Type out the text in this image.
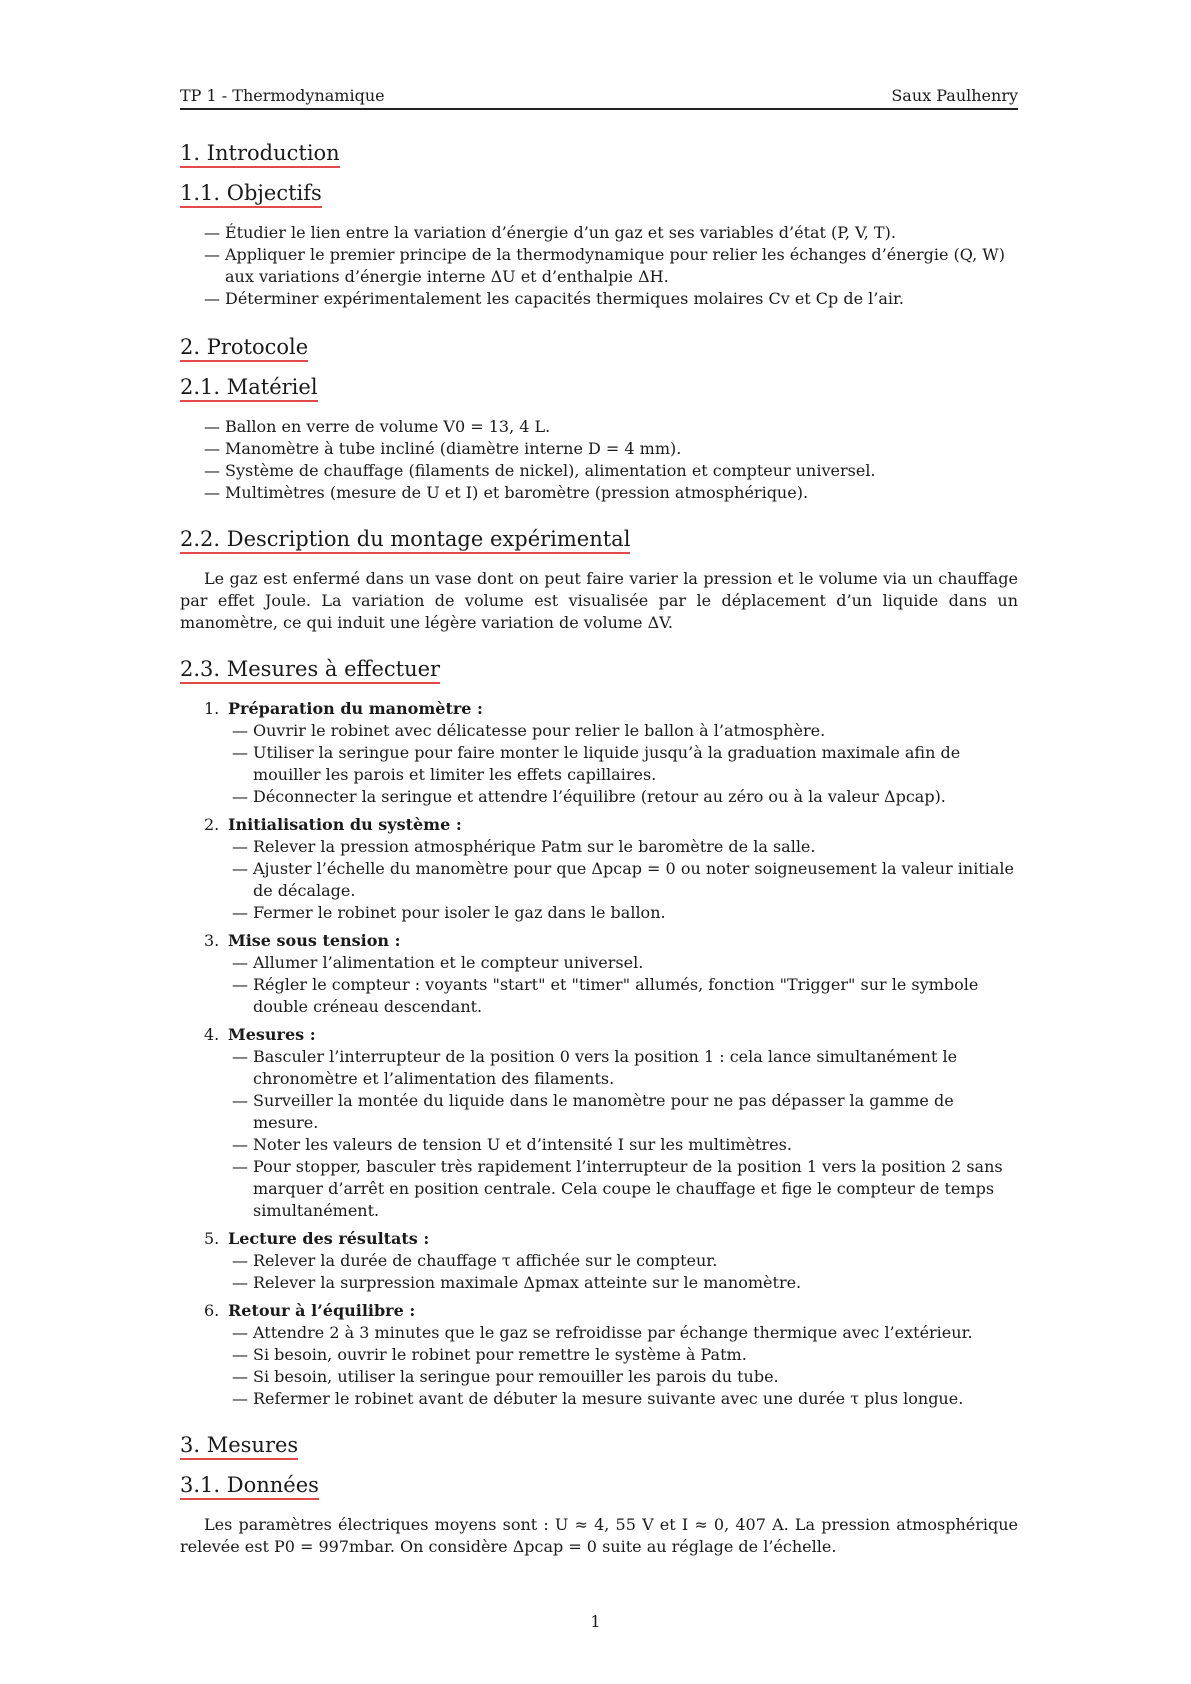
TP 1 - Thermodynamique	Saux Paulhenry
1. Introduction
1.1. Objectifs
— Étudier le lien entre la variation d’énergie d’un gaz et ses variables d’état (P, V, T).
— Appliquer le premier principe de la thermodynamique pour relier les échanges d’énergie (Q, W) aux variations d’énergie interne ΔU et d’enthalpie ΔH.
— Déterminer expérimentalement les capacités thermiques molaires Cv et Cp de l’air.
2. Protocole
2.1. Matériel
— Ballon en verre de volume V0 = 13, 4 L.
— Manomètre à tube incliné (diamètre interne D = 4 mm).
— Système de chauffage (filaments de nickel), alimentation et compteur universel.
— Multimètres (mesure de U et I) et baromètre (pression atmosphérique).
2.2. Description du montage expérimental

Le gaz est enfermé dans un vase dont on peut faire varier la pression et le volume via un chauffage par effet Joule. La variation de volume est visualisée par le déplacement d’un liquide dans un manomètre, ce qui induit une légère variation de volume ΔV.

2.3. Mesures à effectuer
1. Préparation du manomètre :
— Ouvrir le robinet avec délicatesse pour relier le ballon à l’atmosphère.
— Utiliser la seringue pour faire monter le liquide jusqu’à la graduation maximale afin de mouiller les parois et limiter les effets capillaires.
— Déconnecter la seringue et attendre l’équilibre (retour au zéro ou à la valeur Δpcap).
2. Initialisation du système :
— Relever la pression atmosphérique Patm sur le baromètre de la salle.
— Ajuster l’échelle du manomètre pour que Δpcap = 0 ou noter soigneusement la valeur initiale de décalage.
— Fermer le robinet pour isoler le gaz dans le ballon.
3. Mise sous tension :
— Allumer l’alimentation et le compteur universel.
— Régler le compteur : voyants "start" et "timer" allumés, fonction "Trigger" sur le symbole double créneau descendant.
4. Mesures :
— Basculer l’interrupteur de la position 0 vers la position 1 : cela lance simultanément le chronomètre et l’alimentation des filaments.
— Surveiller la montée du liquide dans le manomètre pour ne pas dépasser la gamme de mesure.
— Noter les valeurs de tension U et d’intensité I sur les multimètres.
— Pour stopper, basculer très rapidement l’interrupteur de la position 1 vers la position 2 sans marquer d’arrêt en position centrale. Cela coupe le chauffage et fige le compteur de temps simultanément.
5. Lecture des résultats :
— Relever la durée de chauffage τ affichée sur le compteur.
— Relever la surpression maximale Δpmax atteinte sur le manomètre.
6. Retour à l’équilibre :
— Attendre 2 à 3 minutes que le gaz se refroidisse par échange thermique avec l’extérieur.
— Si besoin, ouvrir le robinet pour remettre le système à Patm.
— Si besoin, utiliser la seringue pour remouiller les parois du tube.
— Refermer le robinet avant de débuter la mesure suivante avec une durée τ plus longue.
3. Mesures
3.1. Données

Les paramètres électriques moyens sont : U ≈ 4, 55 V et I ≈ 0, 407 A. La pression atmosphérique relevée est P0 = 997mbar. On considère Δpcap = 0 suite au réglage de l’échelle.

1
